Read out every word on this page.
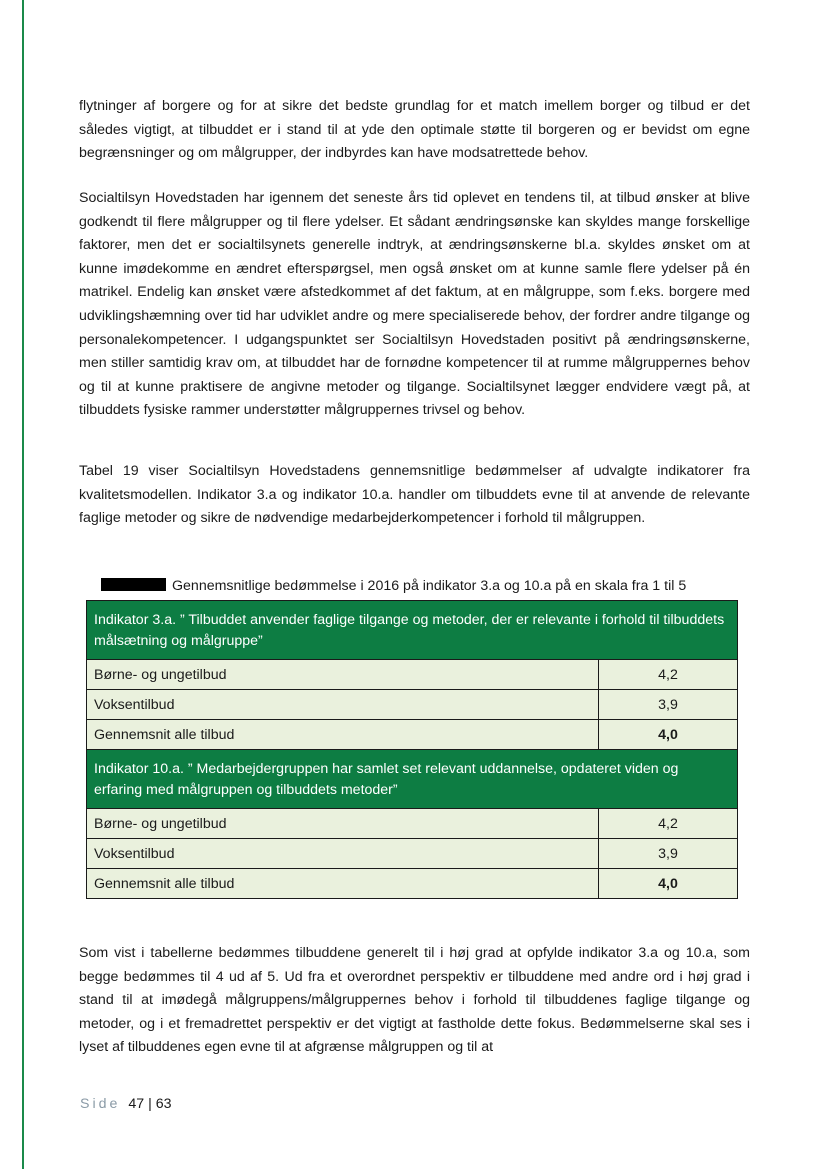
flytninger af borgere og for at sikre det bedste grundlag for et match imellem borger og tilbud er det således vigtigt, at tilbuddet er i stand til at yde den optimale støtte til borgeren og er bevidst om egne begrænsninger og om målgrupper, der indbyrdes kan have modsatrettede behov.

Socialtilsyn Hovedstaden har igennem det seneste års tid oplevet en tendens til, at tilbud ønsker at blive godkendt til flere målgrupper og til flere ydelser. Et sådant ændringsønske kan skyldes mange forskellige faktorer, men det er socialtilsynets generelle indtryk, at ændringsønskerne bl.a. skyldes ønsket om at kunne imødekomme en ændret efterspørgsel, men også ønsket om at kunne samle flere ydelser på én matrikel. Endelig kan ønsket være afstedkommet af det faktum, at en målgruppe, som f.eks. borgere med udviklingshæmning over tid har udviklet andre og mere specialiserede behov, der fordrer andre tilgange og personalekompetencer. I udgangspunktet ser Socialtilsyn Hovedstaden positivt på ændringsønskerne, men stiller samtidig krav om, at tilbuddet har de fornødne kompetencer til at rumme målgruppernes behov og til at kunne praktisere de angivne metoder og tilgange. Socialtilsynet lægger endvidere vægt på, at tilbuddets fysiske rammer understøtter målgruppernes trivsel og behov.

Tabel 19 viser Socialtilsyn Hovedstadens gennemsnitlige bedømmelser af udvalgte indikatorer fra kvalitetsmodellen. Indikator 3.a og indikator 10.a. handler om tilbuddets evne til at anvende de relevante faglige metoder og sikre de nødvendige medarbejderkompetencer i forhold til målgruppen.

Gennemsnitlige bedømmelse i 2016 på indikator 3.a og 10.a på en skala fra 1 til 5
Indikator 3.a. ” Tilbuddet anvender faglige tilgange og metoder, der er relevante i forhold til tilbuddets målsætning og målgruppe”	
Børne- og ungetilbud	4,2
Voksentilbud	3,9
Gennemsnit alle tilbud	4,0
Indikator 10.a. ” Medarbejdergruppen har samlet set relevant uddannelse, opdateret viden og erfaring med målgruppen og tilbuddets metoder”	
Børne- og ungetilbud	4,2
Voksentilbud	3,9
Gennemsnit alle tilbud	4,0

Som vist i tabellerne bedømmes tilbuddene generelt til i høj grad at opfylde indikator 3.a og 10.a, som begge bedømmes til 4 ud af 5. Ud fra et overordnet perspektiv er tilbuddene med andre ord i høj grad i stand til at imødegå målgruppens/målgruppernes behov i forhold til tilbuddenes faglige tilgange og metoder, og i et fremadrettet perspektiv er det vigtigt at fastholde dette fokus. Bedømmelserne skal ses i lyset af tilbuddenes egen evne til at afgrænse målgruppen og til at

Side 47 | 63
